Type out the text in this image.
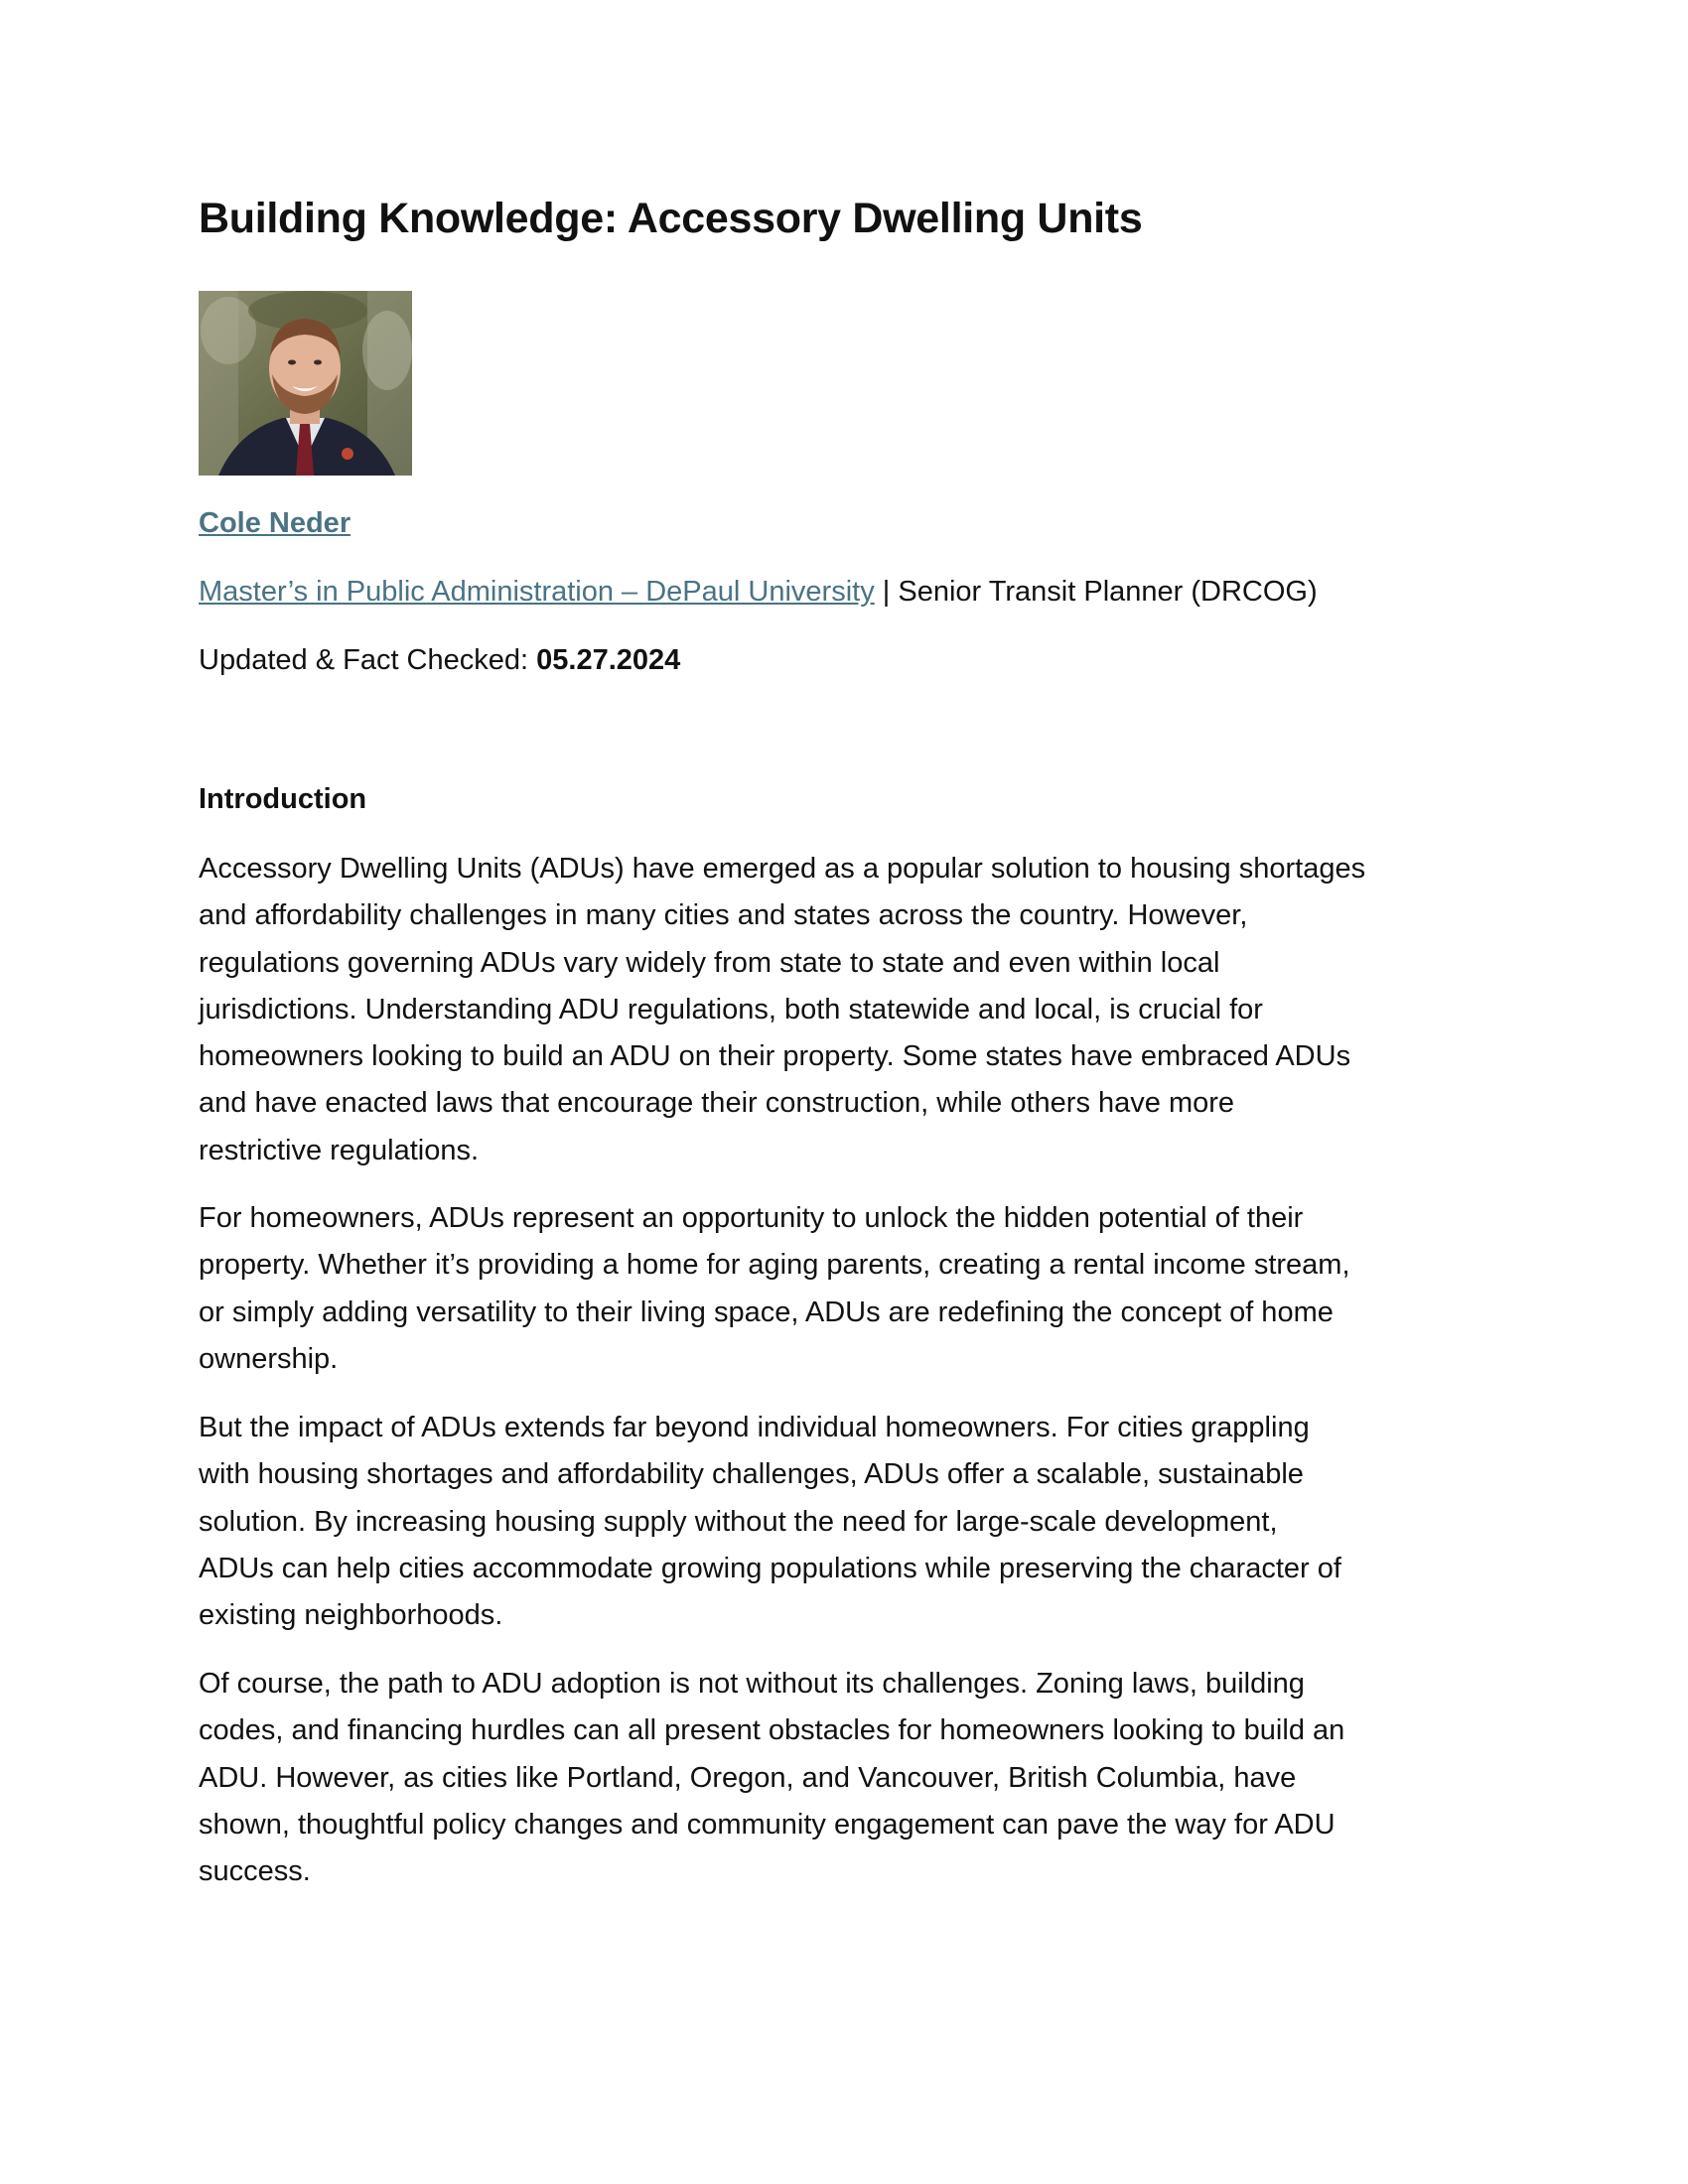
Building Knowledge: Accessory Dwelling Units

Cole Neder

Master’s in Public Administration – DePaul University | Senior Transit Planner (DRCOG)

Updated & Fact Checked: 05.27.2024

Introduction

Accessory Dwelling Units (ADUs) have emerged as a popular solution to housing shortages
and affordability challenges in many cities and states across the country. However,
regulations governing ADUs vary widely from state to state and even within local
jurisdictions. Understanding ADU regulations, both statewide and local, is crucial for
homeowners looking to build an ADU on their property. Some states have embraced ADUs
and have enacted laws that encourage their construction, while others have more
restrictive regulations.

For homeowners, ADUs represent an opportunity to unlock the hidden potential of their
property. Whether it’s providing a home for aging parents, creating a rental income stream,
or simply adding versatility to their living space, ADUs are redefining the concept of home
ownership.

But the impact of ADUs extends far beyond individual homeowners. For cities grappling
with housing shortages and affordability challenges, ADUs offer a scalable, sustainable
solution. By increasing housing supply without the need for large-scale development,
ADUs can help cities accommodate growing populations while preserving the character of
existing neighborhoods.

Of course, the path to ADU adoption is not without its challenges. Zoning laws, building
codes, and financing hurdles can all present obstacles for homeowners looking to build an
ADU. However, as cities like Portland, Oregon, and Vancouver, British Columbia, have
shown, thoughtful policy changes and community engagement can pave the way for ADU
success.
